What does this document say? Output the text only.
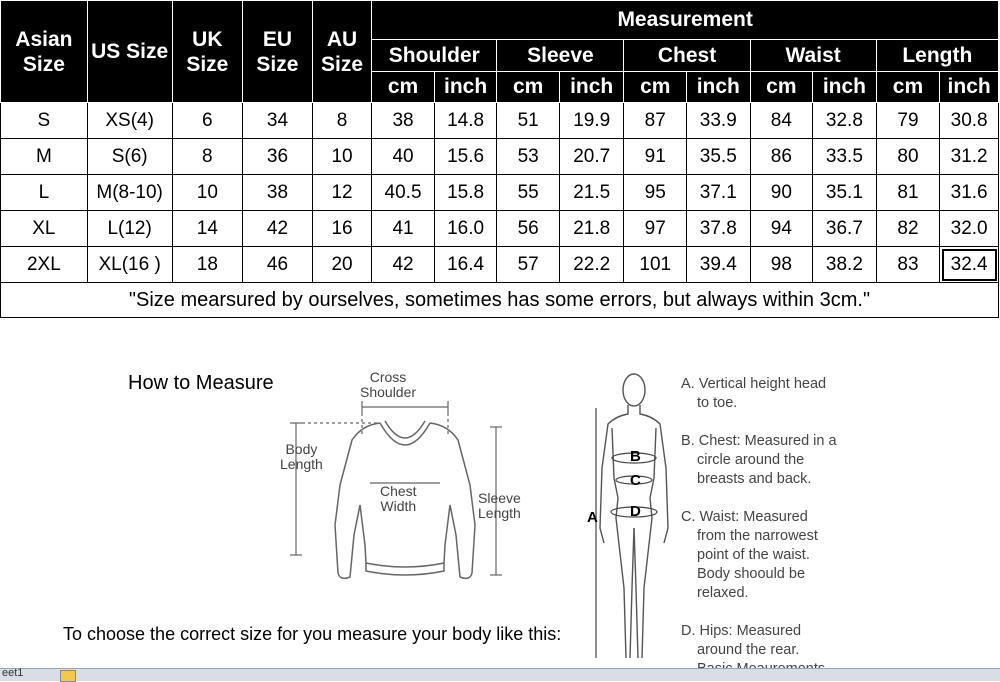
Asian Size	US Size	UK Size	EU Size	AU Size	Measurement									
					Shoulder		Sleeve		Chest		Waist		Length	
					cm	inch	cm	inch	cm	inch	cm	inch	cm	inch
S	XS(4)	6	34	8	38	14.8	51	19.9	87	33.9	84	32.8	79	30.8
M	S(6)	8	36	10	40	15.6	53	20.7	91	35.5	86	33.5	80	31.2
L	M(8-10)	10	38	12	40.5	15.8	55	21.5	95	37.1	90	35.1	81	31.6
XL	L(12)	14	42	16	41	16.0	56	21.8	97	37.8	94	36.7	82	32.0
2XL	XL(16 )	18	46	20	42	16.4	57	22.2	101	39.4	98	38.2	83	32.4
"Size mearsured by ourselves, sometimes has some errors, but always within 3cm."														
How to Measure	Cross
Shoulder
Body
Length
Chest
Width	Sleeve
Length
B
C
D
A
A. Vertical height head
to toe.
B. Chest: Measured in a
circle around the
breasts and back.
C. Waist: Measured
from the narrowest
point of the waist.
Body shoould be
relaxed.
D. Hips: Measured
around the rear.
To choose the correct size for you measure your body like this:
eet1
